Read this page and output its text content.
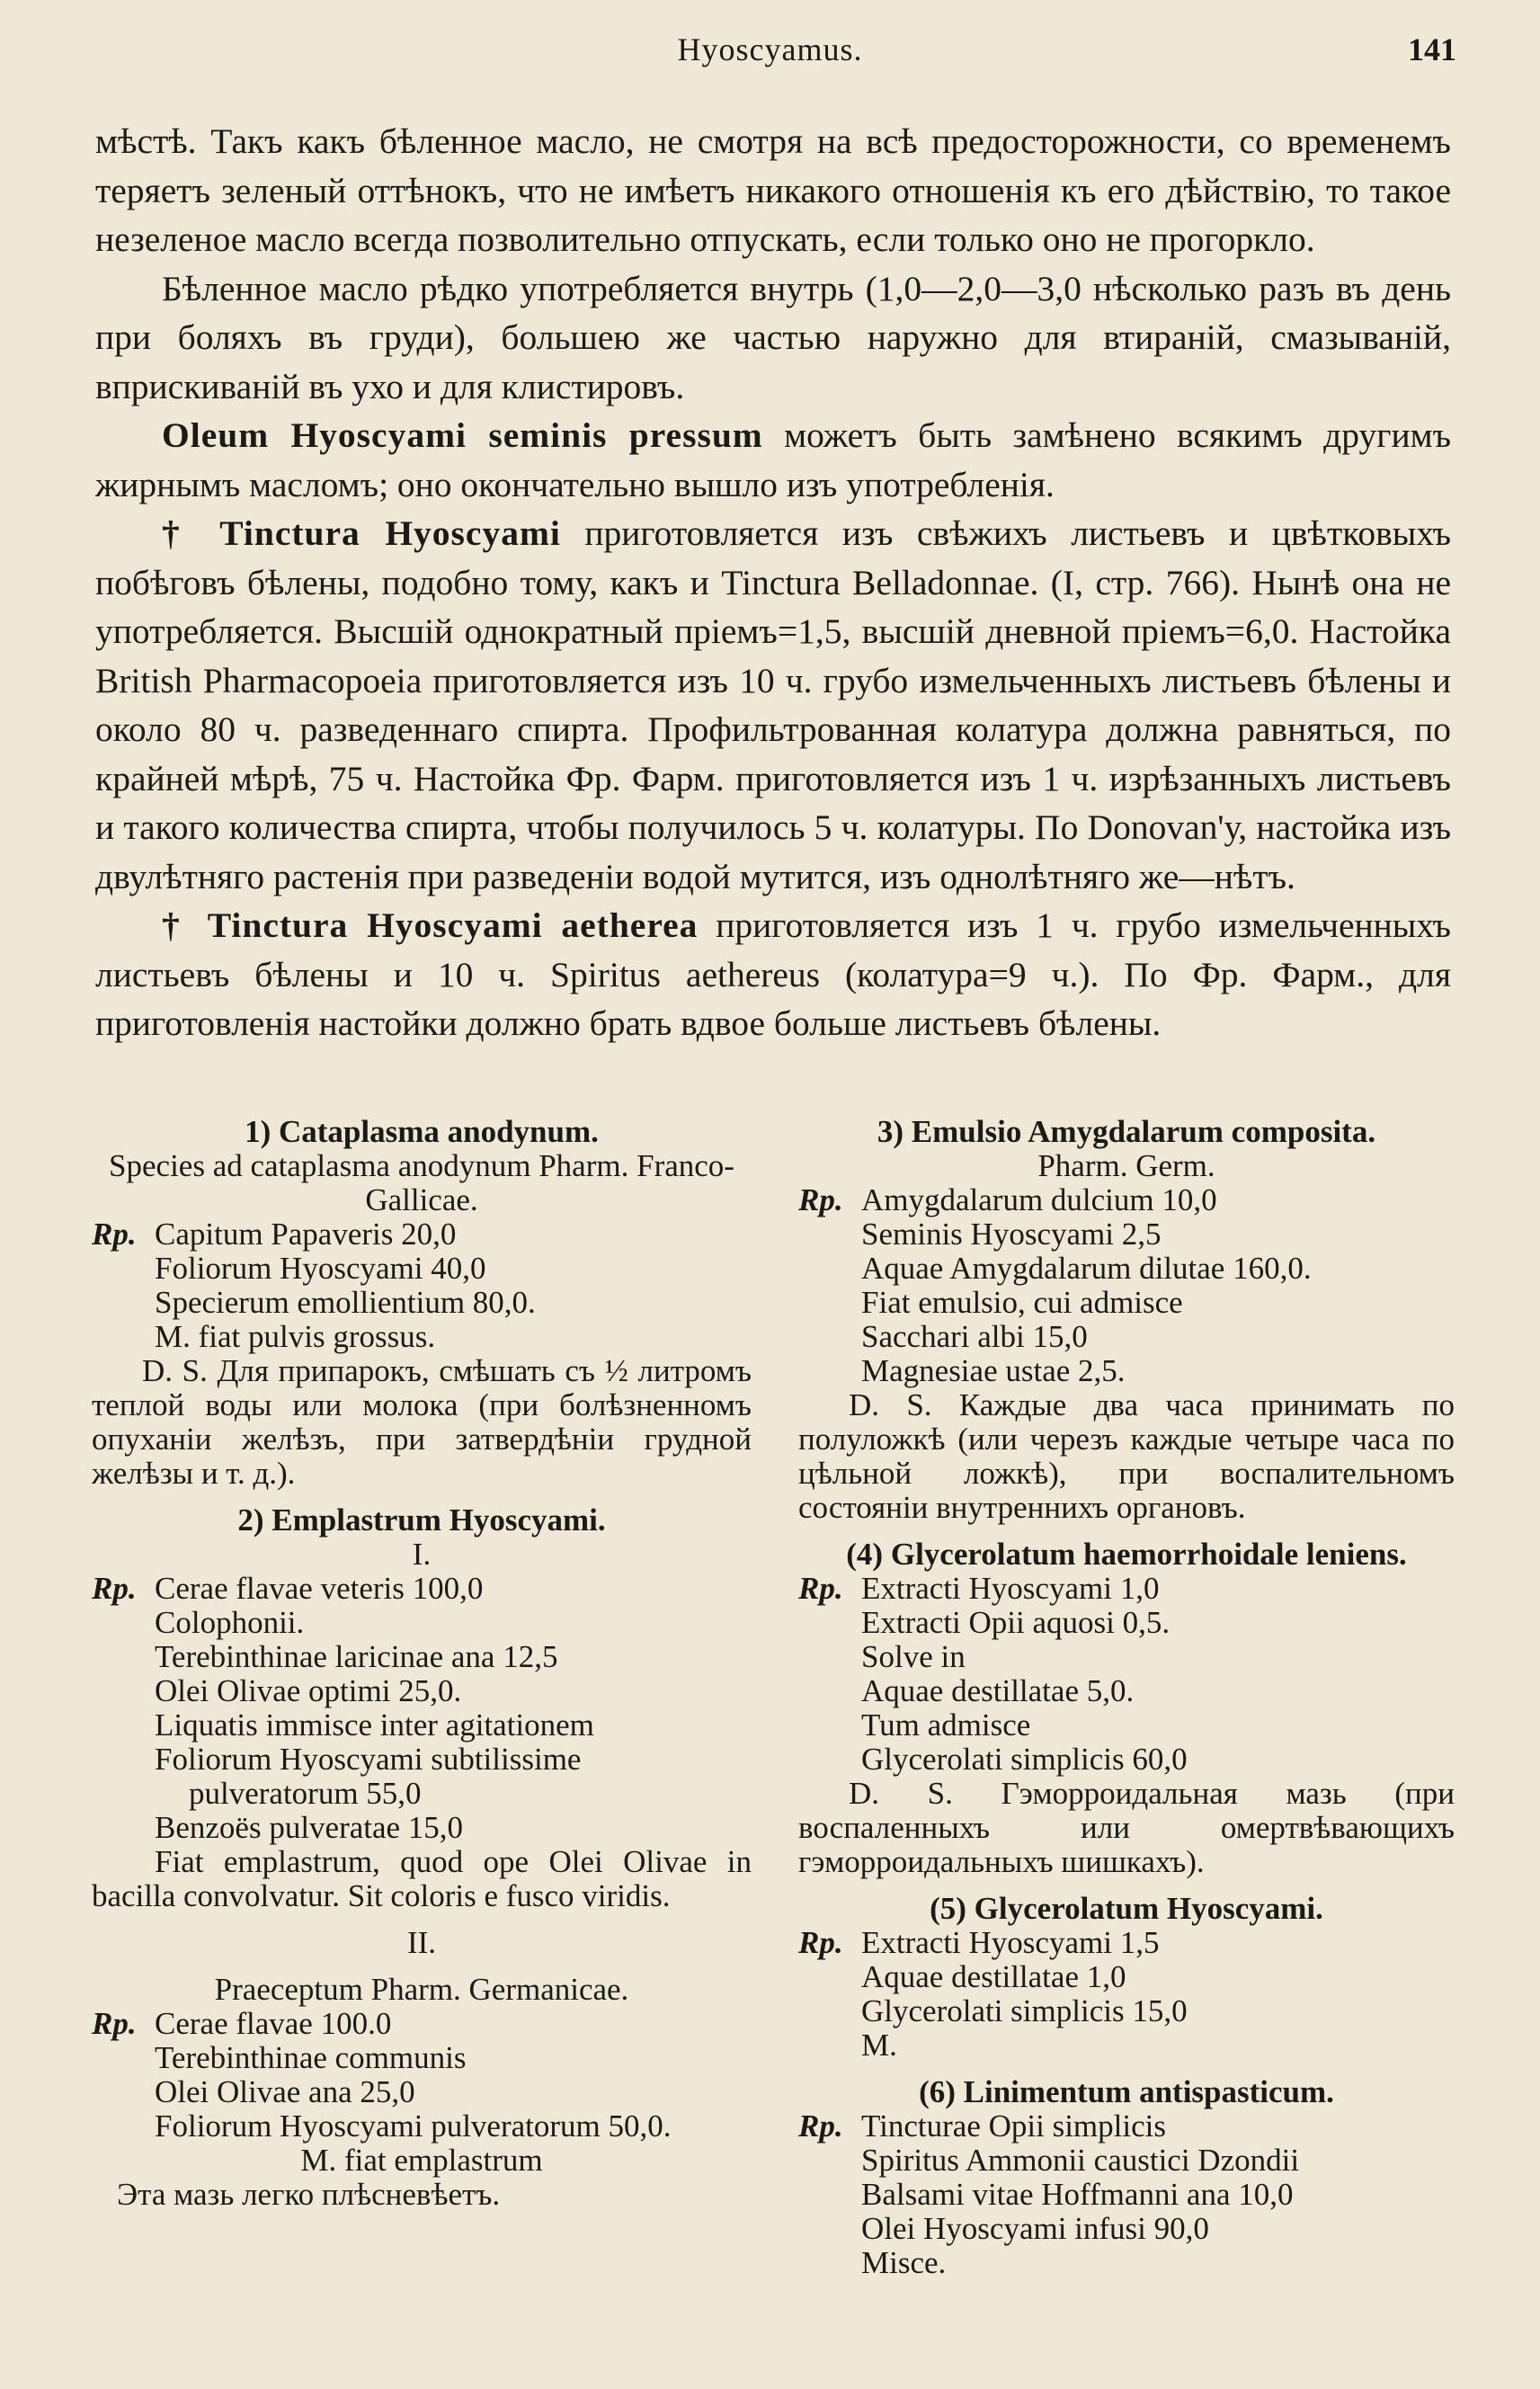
Hyoscyamus.	141

мѣстѣ. Такъ какъ бѣленное масло, не смотря на всѣ предосторожности, со временемъ теряетъ зеленый оттѣнокъ, что не имѣетъ никакого отношенія къ его дѣйствію, то такое незеленое масло всегда позволительно отпускать, если только оно не прогоркло.

Бѣленное масло рѣдко употребляется внутрь (1,0—2,0—3,0 нѣсколько разъ въ день при боляхъ въ груди), большею же частью наружно для втираній, смазываній, вприскиваній въ ухо и для клистировъ.

Oleum Hyoscyami seminis pressum можетъ быть замѣнено всякимъ другимъ жирнымъ масломъ; оно окончательно вышло изъ употребленія.

† Tinctura Hyoscyami приготовляется изъ свѣжихъ листьевъ и цвѣтковыхъ побѣговъ бѣлены, подобно тому, какъ и Tinctura Belladonnae. (I, стр. 766). Нынѣ она не употребляется. Высшій однократный пріемъ=1,5, высшій дневной пріемъ=6,0. Настойка British Pharmacopoeia приготовляется изъ 10 ч. грубо измельченныхъ листьевъ бѣлены и около 80 ч. разведеннаго спирта. Профильтрованная колатура должна равняться, по крайней мѣрѣ, 75 ч. Настойка Фр. Фарм. приготовляется изъ 1 ч. изрѣзанныхъ листьевъ и такого количества спирта, чтобы получилось 5 ч. колатуры. По Donovan'у, настойка изъ двулѣтняго растенія при разведеніи водой мутится, изъ однолѣтняго же—нѣтъ.

† Tinctura Hyoscyami aetherea приготовляется изъ 1 ч. грубо измельченныхъ листьевъ бѣлены и 10 ч. Spiritus aethereus (колатура=9 ч.). По Фр. Фарм., для приготовленія настойки должно брать вдвое больше листьевъ бѣлены.

1) Cataplasma anodynum.

Species ad cataplasma anodynum Pharm. Franco-Gallicae.

Rp. Capitum Papaveris 20,0

Foliorum Hyoscyami 40,0

Specierum emollientium 80,0.

M. fiat pulvis grossus.

D. S. Для припарокъ, смѣшать съ ½ литромъ теплой воды или молока (при болѣзненномъ опуханіи желѣзъ, при затвердѣніи грудной желѣзы и т. д.).

2) Emplastrum Hyoscyami.

I.

Rp. Cerae flavae veteris 100,0

Colophonii.

Terebinthinae laricinae ana 12,5

Olei Olivae optimi 25,0.

Liquatis immisce inter agitationem

Foliorum Hyoscyami subtilissime pulveratorum 55,0

Benzoës pulveratae 15,0

Fiat emplastrum, quod ope Olei Olivae in bacilla convolvatur. Sit coloris e fusco viridis.

II.

Praeceptum Pharm. Germanicae.

Rp. Cerae flavae 100.0

Terebinthinae communis

Olei Olivae ana 25,0

Foliorum Hyoscyami pulveratorum 50,0.

M. fiat emplastrum

Эта мазь легко плѣсневѣетъ.

3) Emulsio Amygdalarum composita.

Pharm. Germ.

Rp. Amygdalarum dulcium 10,0

Seminis Hyoscyami 2,5

Aquae Amygdalarum dilutae 160,0.

Fiat emulsio, cui admisce

Sacchari albi 15,0

Magnesiae ustae 2,5.

D. S. Каждые два часа принимать по полуложкѣ (или черезъ каждые четыре часа по цѣльной ложкѣ), при воспалительномъ состояніи внутреннихъ органовъ.

(4) Glycerolatum haemorrhoidale leniens.

Rp. Extracti Hyoscyami 1,0

Extracti Opii aquosi 0,5.

Solve in

Aquae destillatae 5,0.

Tum admisce

Glycerolati simplicis 60,0

D. S. Гэморроидальная мазь (при воспаленныхъ или омертвѣвающихъ гэморроидальныхъ шишкахъ).

(5) Glycerolatum Hyoscyami.

Rp. Extracti Hyoscyami 1,5

Aquae destillatae 1,0

Glycerolati simplicis 15,0

M.

(6) Linimentum antispasticum.

Rp. Tincturae Opii simplicis

Spiritus Ammonii caustici Dzondii

Balsami vitae Hoffmanni ana 10,0

Olei Hyoscyami infusi 90,0

Misce.
